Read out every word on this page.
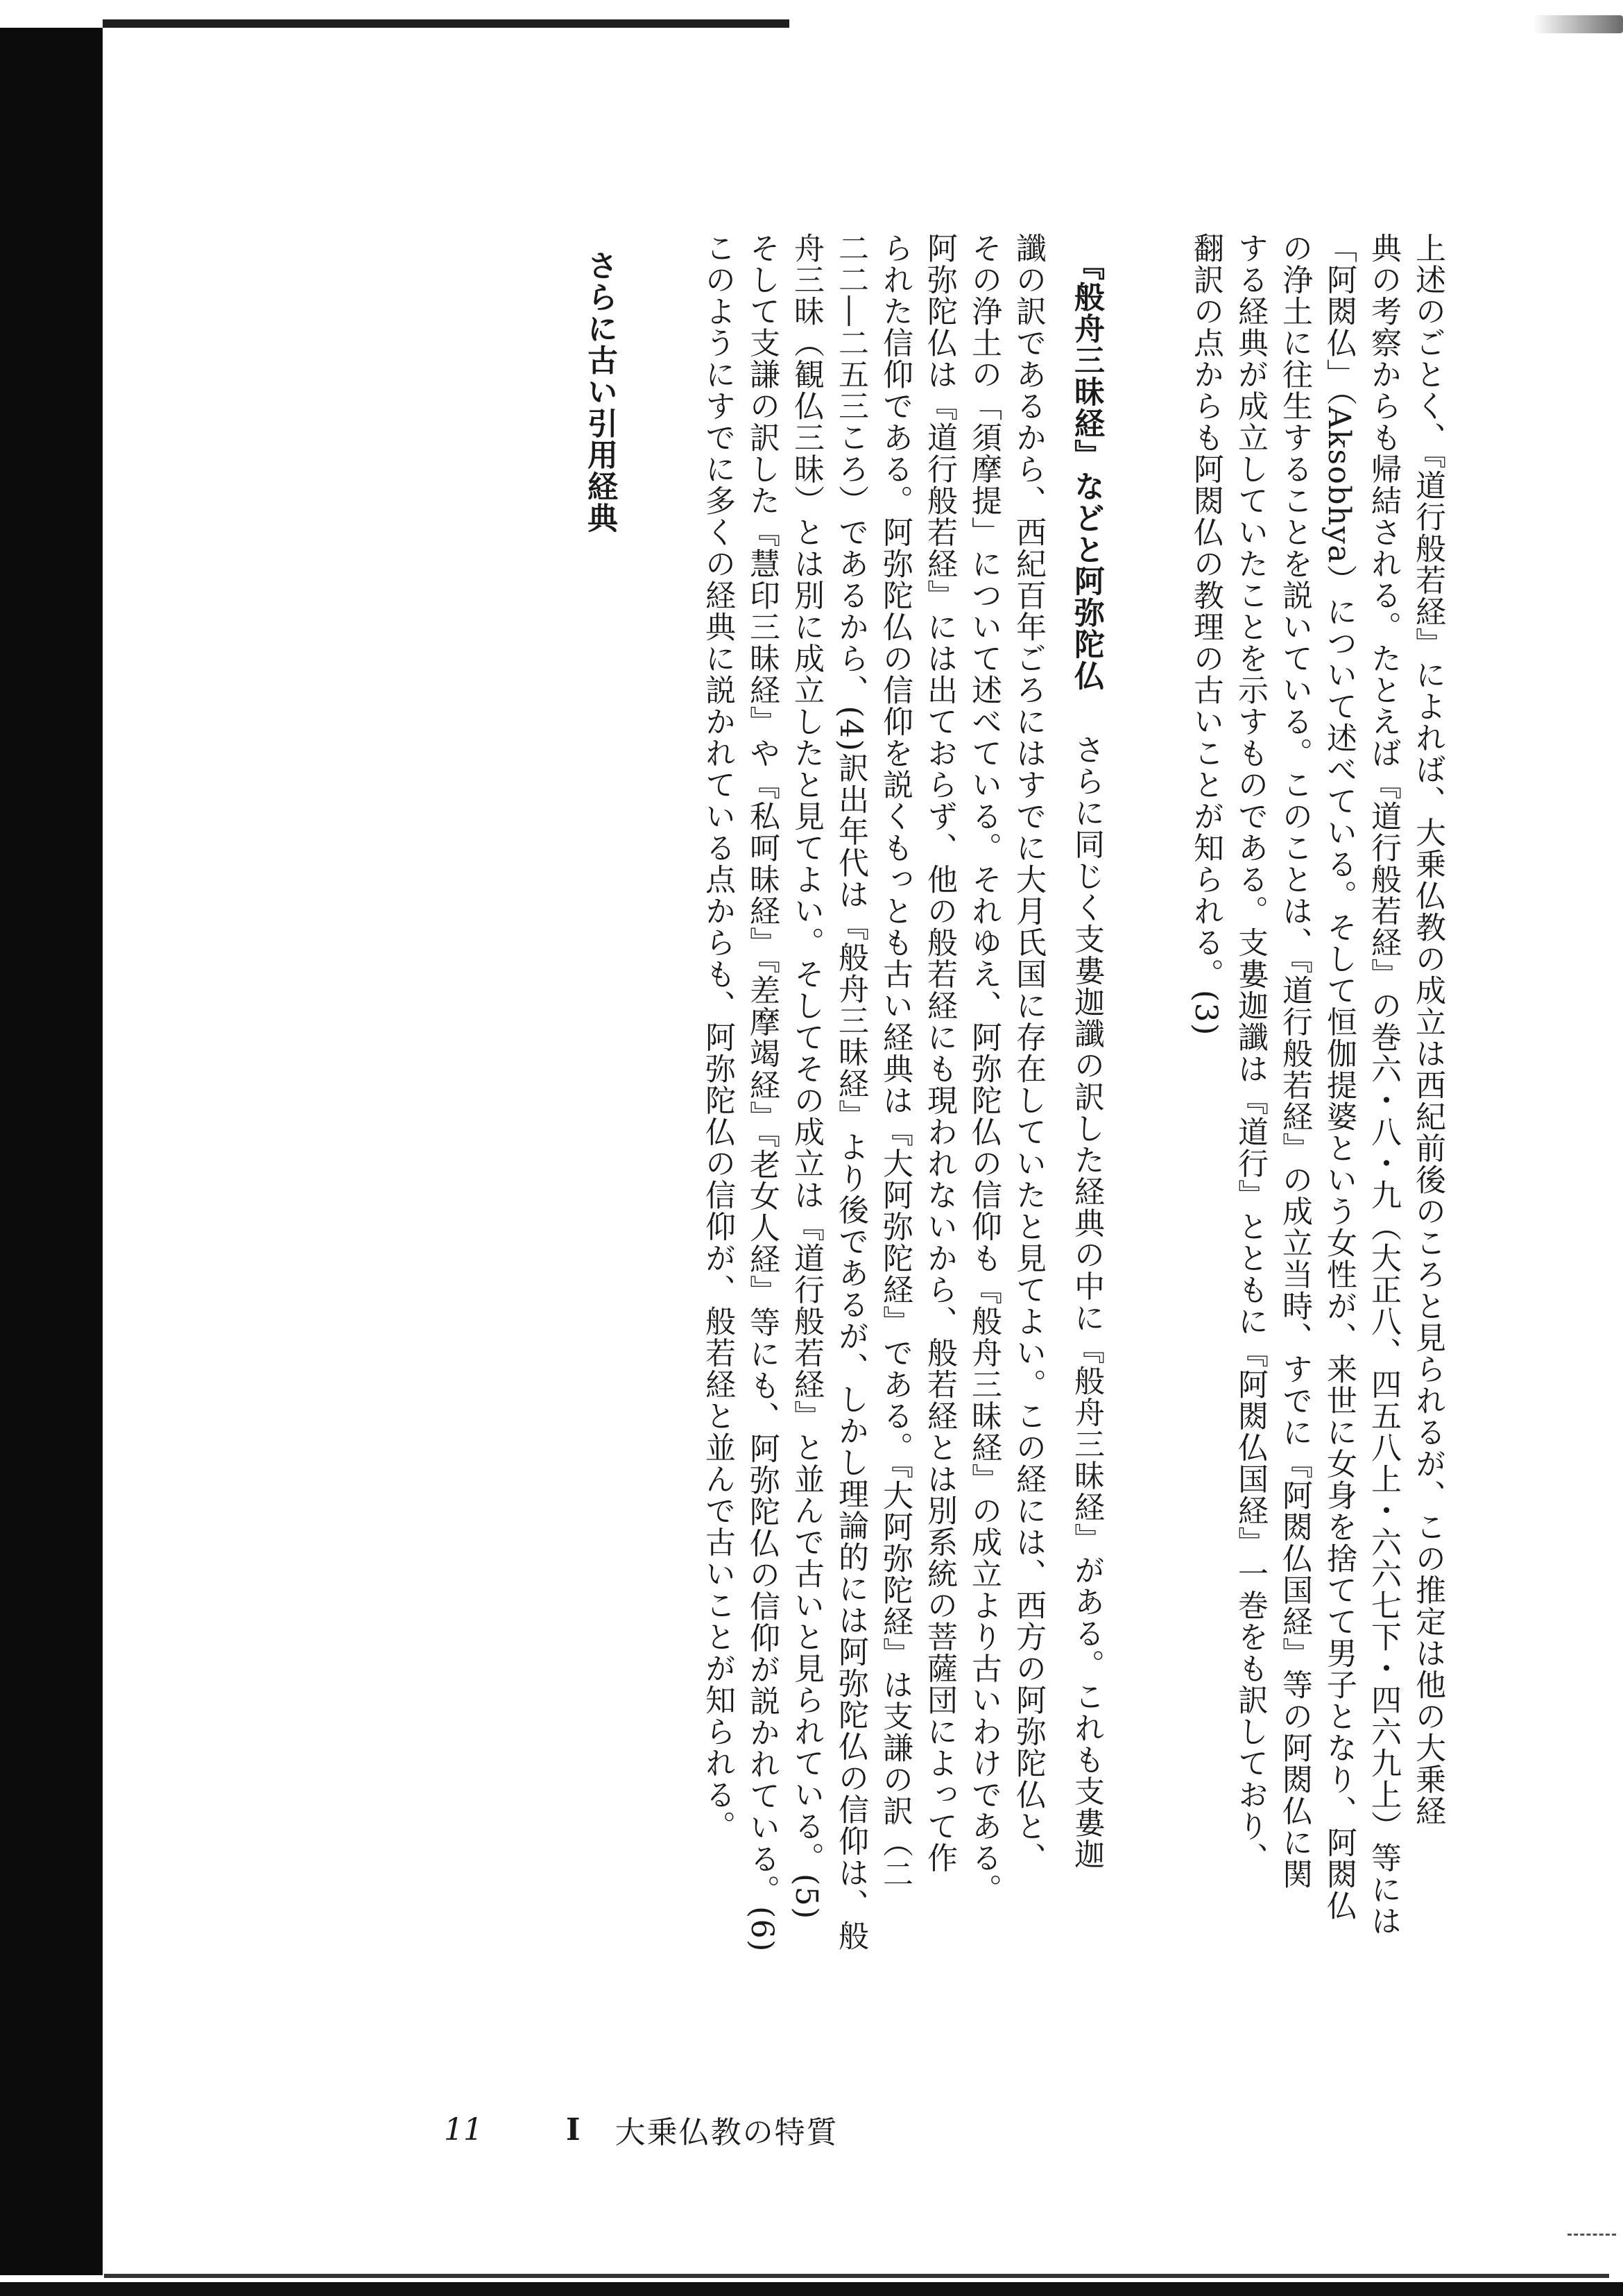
上述のごとく、『道行般若経』によれば、大乗仏教の成立は西紀前後のころと見られるが、この推定は他の大乗経
典の考察からも帰結される。たとえば『道行般若経』の巻六・八・九（大正八、四五八上・六六七下・四六九上）等には
「阿閦仏」（Aksobhya）について述べている。そして恒伽提婆という女性が、来世に女身を捨てて男子となり、阿閦仏
の浄土に往生することを説いている。このことは、『道行般若経』の成立当時、すでに『阿閦仏国経』等の阿閦仏に関
する経典が成立していたことを示すものである。支婁迦讖は『道行』とともに『阿閦仏国経』一巻をも訳しており、
翻訳の点からも阿閦仏の教理の古いことが知られる。(3)
『般舟三昧経』などと阿弥陀仏 　さらに同じく支婁迦讖の訳した経典の中に『般舟三昧経』がある。これも支婁迦
讖の訳であるから、西紀百年ごろにはすでに大月氏国に存在していたと見てよい。この経には、西方の阿弥陀仏と、
その浄土の「須摩提」について述べている。それゆえ、阿弥陀仏の信仰も『般舟三昧経』の成立より古いわけである。
阿弥陀仏は『道行般若経』には出ておらず、他の般若経にも現われないから、般若経とは別系統の菩薩団によって作
られた信仰である。阿弥陀仏の信仰を説くもっとも古い経典は『大阿弥陀経』である。『大阿弥陀経』は支謙の訳（二
二二―二五三ころ）であるから、(4)訳出年代は『般舟三昧経』より後であるが、しかし理論的には阿弥陀仏の信仰は、般
舟三昧（観仏三昧）とは別に成立したと見てよい。そしてその成立は『道行般若経』と並んで古いと見られている。(5)
そして支謙の訳した『慧印三昧経』や『私呵昧経』『差摩竭経』『老女人経』等にも、阿弥陀仏の信仰が説かれている。(6)
このようにすでに多くの経典に説かれている点からも、阿弥陀仏の信仰が、般若経と並んで古いことが知られる。
さらに古い引用経典
11	I 大乗仏教の特質
